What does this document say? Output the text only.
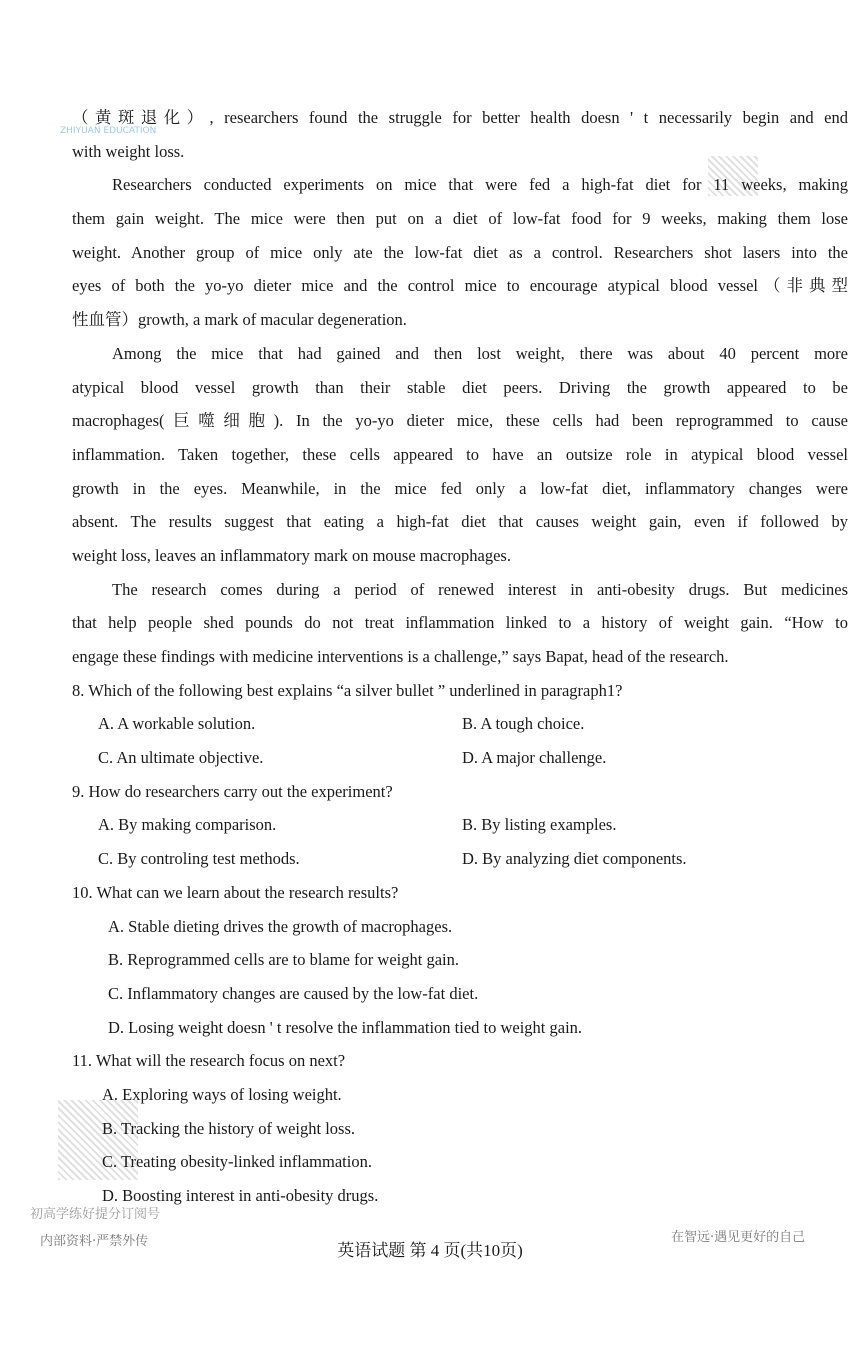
ZHIYUAN EDUCATION
（黄斑退化）, researchers found the struggle for better health doesn ' t necessarily begin and end
with weight loss.
Researchers conducted experiments on mice that were fed a high-fat diet for 11 weeks, making
them gain weight. The mice were then put on a diet of low-fat food for 9 weeks, making them lose
weight. Another group of mice only ate the low-fat diet as a control. Researchers shot lasers into the
eyes of both the yo-yo dieter mice and the control mice to encourage atypical blood vessel（非典型
性血管）growth, a mark of macular degeneration.
Among the mice that had gained and then lost weight, there was about 40 percent more
atypical blood vessel growth than their stable diet peers. Driving the growth appeared to be
macrophages(巨噬细胞). In the yo-yo dieter mice, these cells had been reprogrammed to cause
inflammation. Taken together, these cells appeared to have an outsize role in atypical blood vessel
growth in the eyes. Meanwhile, in the mice fed only a low-fat diet, inflammatory changes were
absent. The results suggest that eating a high-fat diet that causes weight gain, even if followed by
weight loss, leaves an inflammatory mark on mouse macrophages.
The research comes during a period of renewed interest in anti-obesity drugs. But medicines
that help people shed pounds do not treat inflammation linked to a history of weight gain. “How to
engage these findings with medicine interventions is a challenge,” says Bapat, head of the research.
8. Which of the following best explains “a silver bullet ” underlined in paragraph1?
A. A workable solution.	B. A tough choice.
C. An ultimate objective.	D. A major challenge.
9. How do researchers carry out the experiment?
A. By making comparison.	B. By listing examples.
C. By controling test methods.	D. By analyzing diet components.
10. What can we learn about the research results?
A. Stable dieting drives the growth of macrophages.
B. Reprogrammed cells are to blame for weight gain.
C. Inflammatory changes are caused by the low-fat diet.
D. Losing weight doesn ' t resolve the inflammation tied to weight gain.
11. What will the research focus on next?
A. Exploring ways of losing weight.
B. Tracking the history of weight loss.
C. Treating obesity-linked inflammation.
D. Boosting interest in anti-obesity drugs.
初高学练好提分订阅号
内部资料·严禁外传	在智远·遇见更好的自己
英语试题 第 4 页(共10页)
